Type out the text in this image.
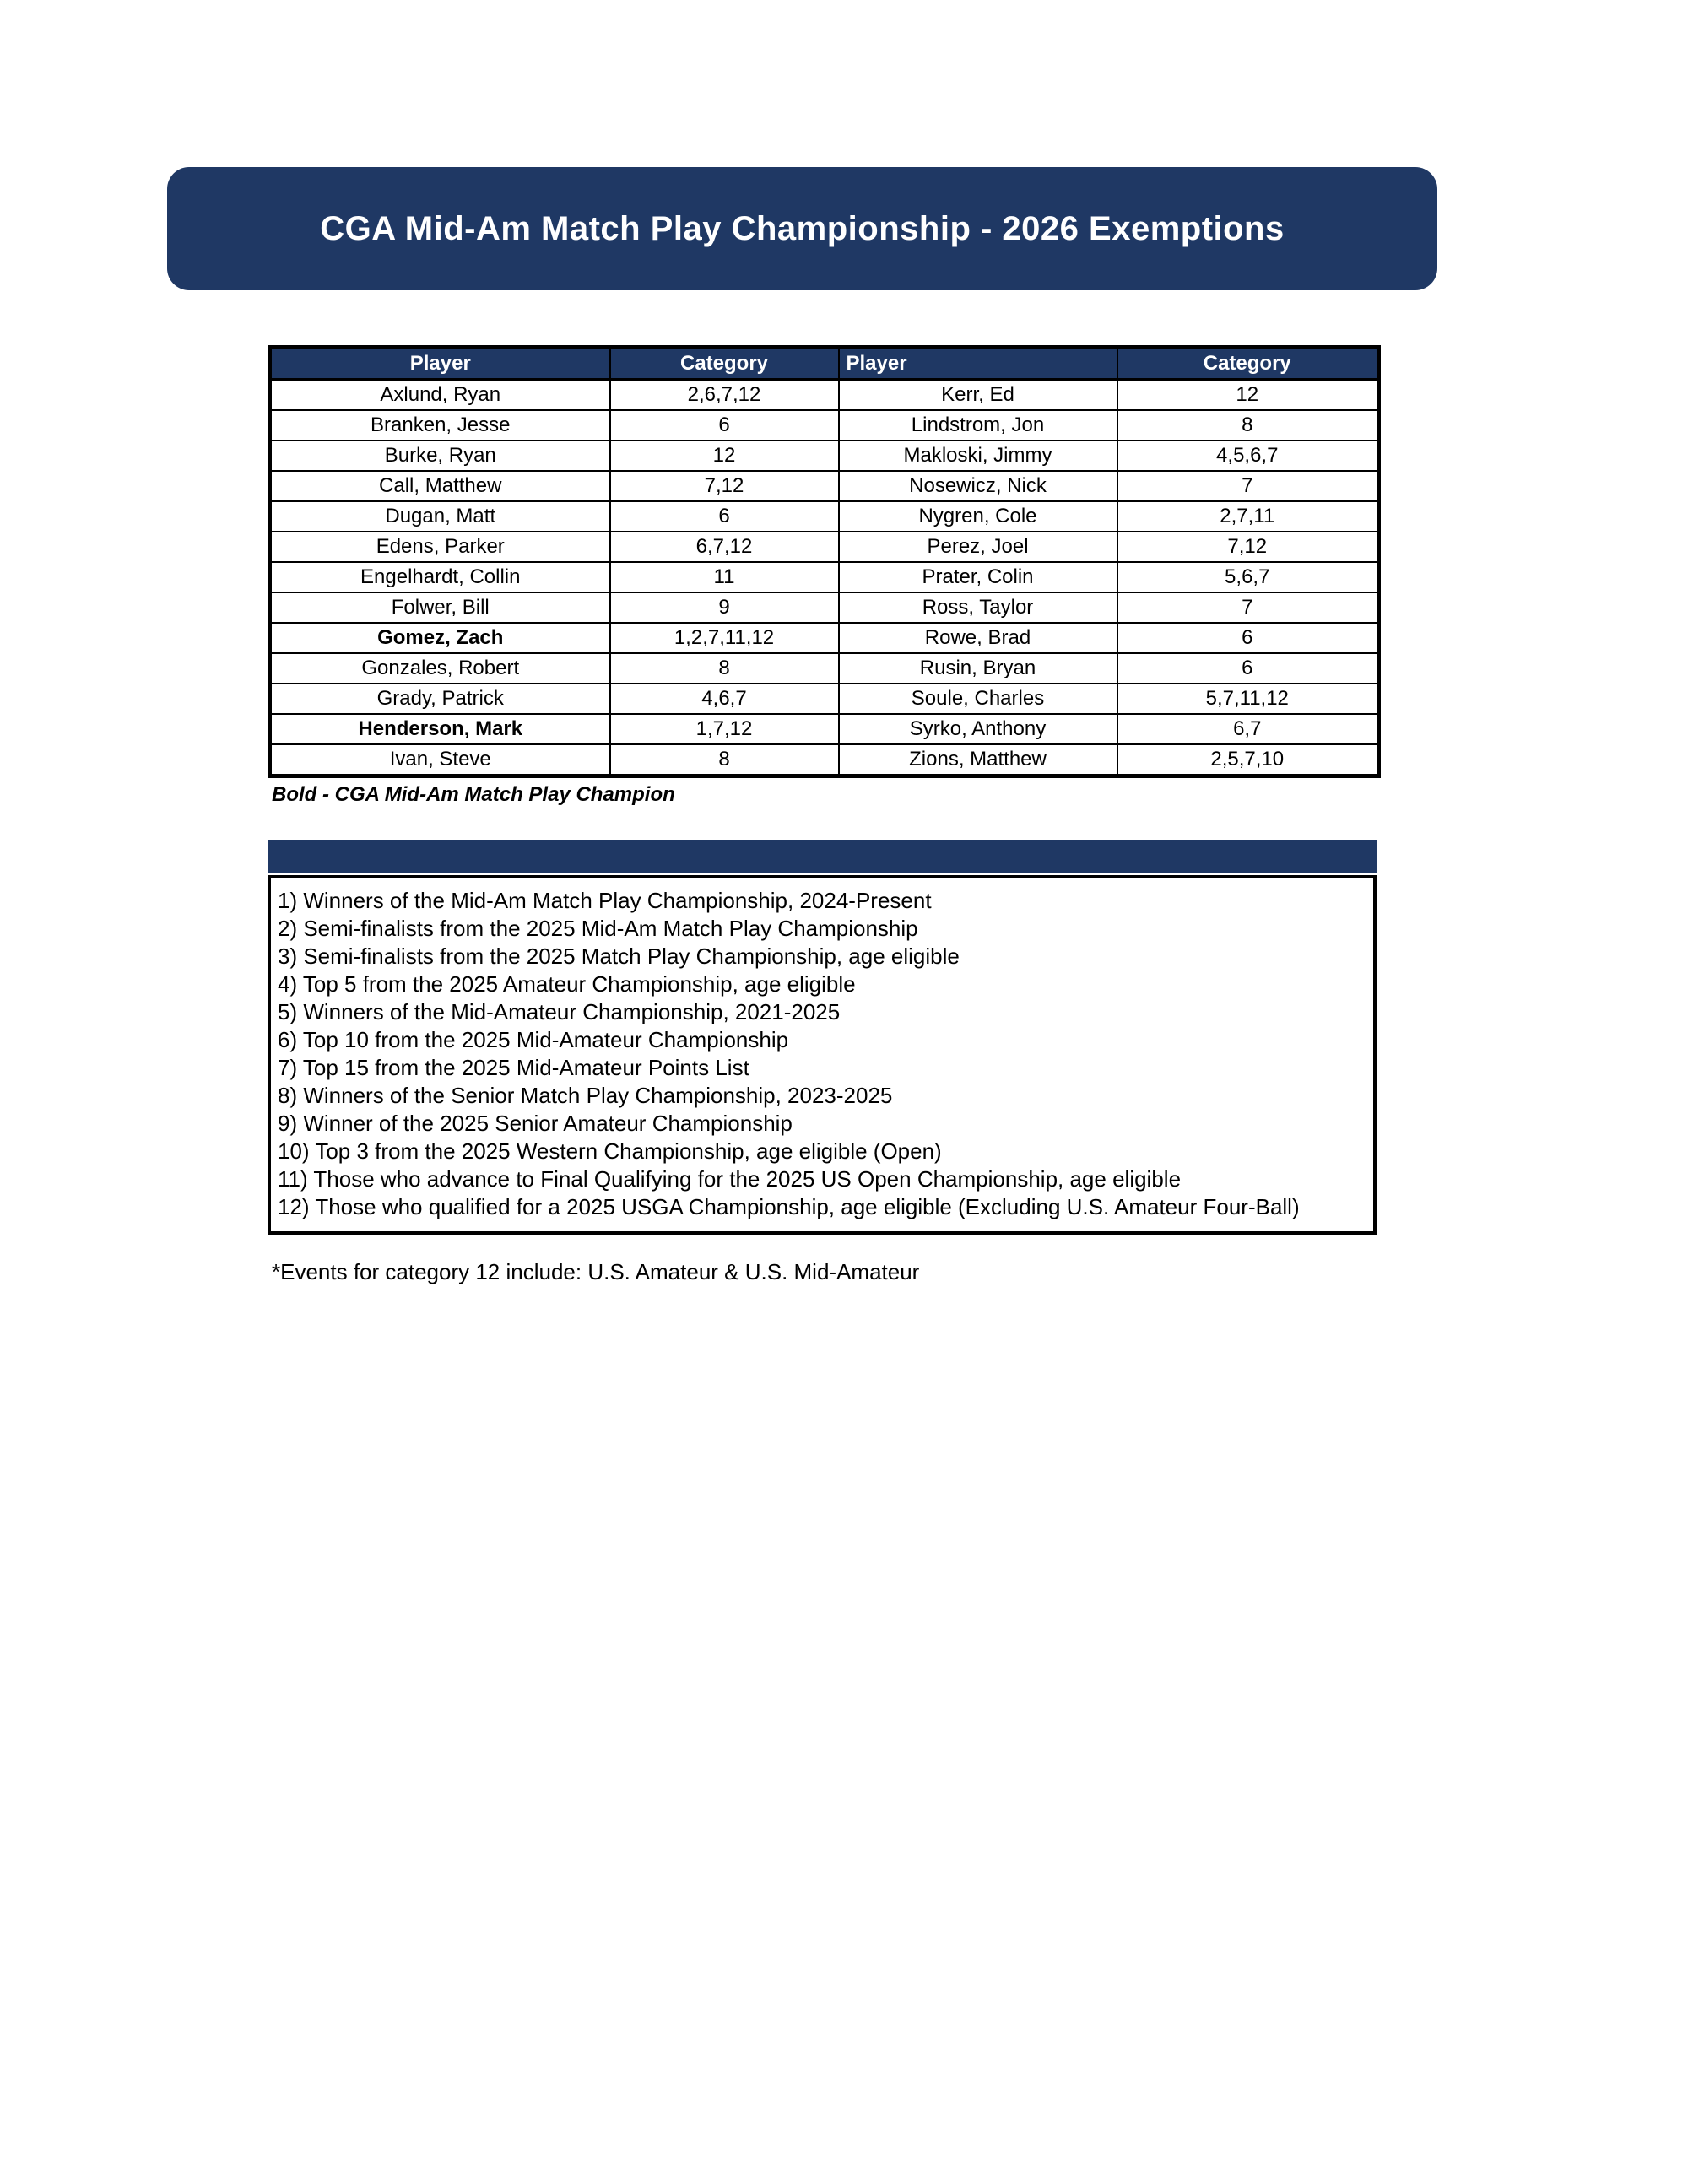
CGA Mid-Am Match Play Championship - 2026 Exemptions
Player	Category	Player	Category
Axlund, Ryan	2,6,7,12	Kerr, Ed	12
Branken, Jesse	6	Lindstrom, Jon	8
Burke, Ryan	12	Makloski, Jimmy	4,5,6,7
Call, Matthew	7,12	Nosewicz, Nick	7
Dugan, Matt	6	Nygren, Cole	2,7,11
Edens, Parker	6,7,12	Perez, Joel	7,12
Engelhardt, Collin	11	Prater, Colin	5,6,7
Folwer, Bill	9	Ross, Taylor	7
Gomez, Zach	1,2,7,11,12	Rowe, Brad	6
Gonzales, Robert	8	Rusin, Bryan	6
Grady, Patrick	4,6,7	Soule, Charles	5,7,11,12
Henderson, Mark	1,7,12	Syrko, Anthony	6,7
Ivan, Steve	8	Zions, Matthew	2,5,7,10
Bold - CGA Mid-Am Match Play Champion
1) Winners of the Mid-Am Match Play Championship, 2024-Present
2) Semi-finalists from the 2025 Mid-Am Match Play Championship
3) Semi-finalists from the 2025 Match Play Championship, age eligible
4) Top 5 from the 2025 Amateur Championship, age eligible
5) Winners of the Mid-Amateur Championship, 2021-2025
6) Top 10 from the 2025 Mid-Amateur Championship
7) Top 15 from the 2025 Mid-Amateur Points List
8) Winners of the Senior Match Play Championship, 2023-2025
9) Winner of the 2025 Senior Amateur Championship
10) Top 3 from the 2025 Western Championship, age eligible (Open)
11) Those who advance to Final Qualifying for the 2025 US Open Championship, age eligible
12) Those who qualified for a 2025 USGA Championship, age eligible (Excluding U.S. Amateur Four-Ball)
*Events for category 12 include: U.S. Amateur & U.S. Mid-Amateur
